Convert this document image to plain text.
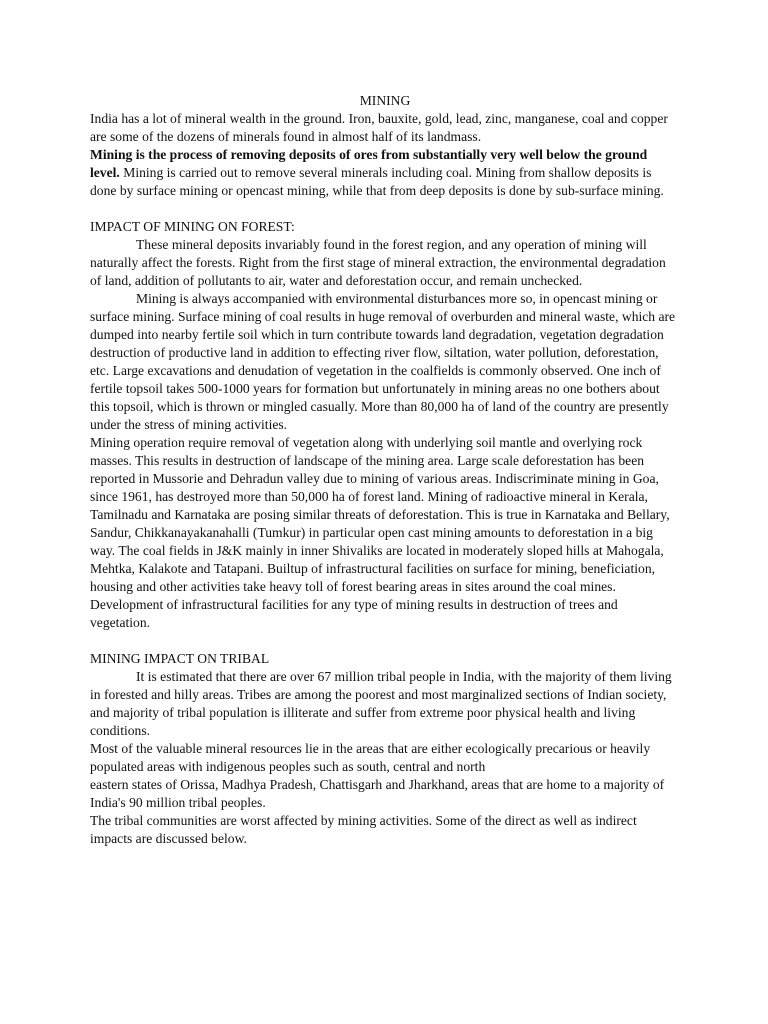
MINING

India has a lot of mineral wealth in the ground. Iron, bauxite, gold, lead, zinc, manganese, coal and copper are some of the dozens of minerals found in almost half of its landmass.

Mining is the process of removing deposits of ores from substantially very well below the ground level. Mining is carried out to remove several minerals including coal. Mining from shallow deposits is done by surface mining or opencast mining, while that from deep deposits is done by sub-surface mining.

IMPACT OF MINING ON FOREST:

These mineral deposits invariably found in the forest region, and any operation of mining will naturally affect the forests. Right from the first stage of mineral extraction, the environmental degradation of land, addition of pollutants to air, water and deforestation occur, and remain unchecked.

Mining is always accompanied with environmental disturbances more so, in opencast mining or surface mining. Surface mining of coal results in huge removal of overburden and mineral waste, which are dumped into nearby fertile soil which in turn contribute towards land degradation, vegetation degradation destruction of productive land in addition to effecting river flow, siltation, water pollution, deforestation, etc. Large excavations and denudation of vegetation in the coalfields is commonly observed. One inch of fertile topsoil takes 500-1000 years for formation but unfortunately in mining areas no one bothers about this topsoil, which is thrown or mingled casually. More than 80,000 ha of land of the country are presently under the stress of mining activities.

Mining operation require removal of vegetation along with underlying soil mantle and overlying rock masses. This results in destruction of landscape of the mining area. Large scale deforestation has been reported in Mussorie and Dehradun valley due to mining of various areas. Indiscriminate mining in Goa, since 1961, has destroyed more than 50,000 ha of forest land. Mining of radioactive mineral in Kerala, Tamilnadu and Karnataka are posing similar threats of deforestation. This is true in Karnataka and Bellary, Sandur, Chikkanayakanahalli (Tumkur) in particular open cast mining amounts to deforestation in a big way. The coal fields in J&K mainly in inner Shivaliks are located in moderately sloped hills at Mahogala, Mehtka, Kalakote and Tatapani. Builtup of infrastructural facilities on surface for mining, beneficiation, housing and other activities take heavy toll of forest bearing areas in sites around the coal mines.

Development of infrastructural facilities for any type of mining results in destruction of trees and vegetation.

MINING IMPACT ON TRIBAL

It is estimated that there are over 67 million tribal people in India, with the majority of them living in forested and hilly areas. Tribes are among the poorest and most marginalized sections of Indian society, and majority of tribal population is illiterate and suffer from extreme poor physical health and living conditions.

Most of the valuable mineral resources lie in the areas that are either ecologically precarious or heavily populated areas with indigenous peoples such as south, central and north

eastern states of Orissa, Madhya Pradesh, Chattisgarh and Jharkhand, areas that are home to a majority of India's 90 million tribal peoples.

The tribal communities are worst affected by mining activities. Some of the direct as well as indirect impacts are discussed below.
